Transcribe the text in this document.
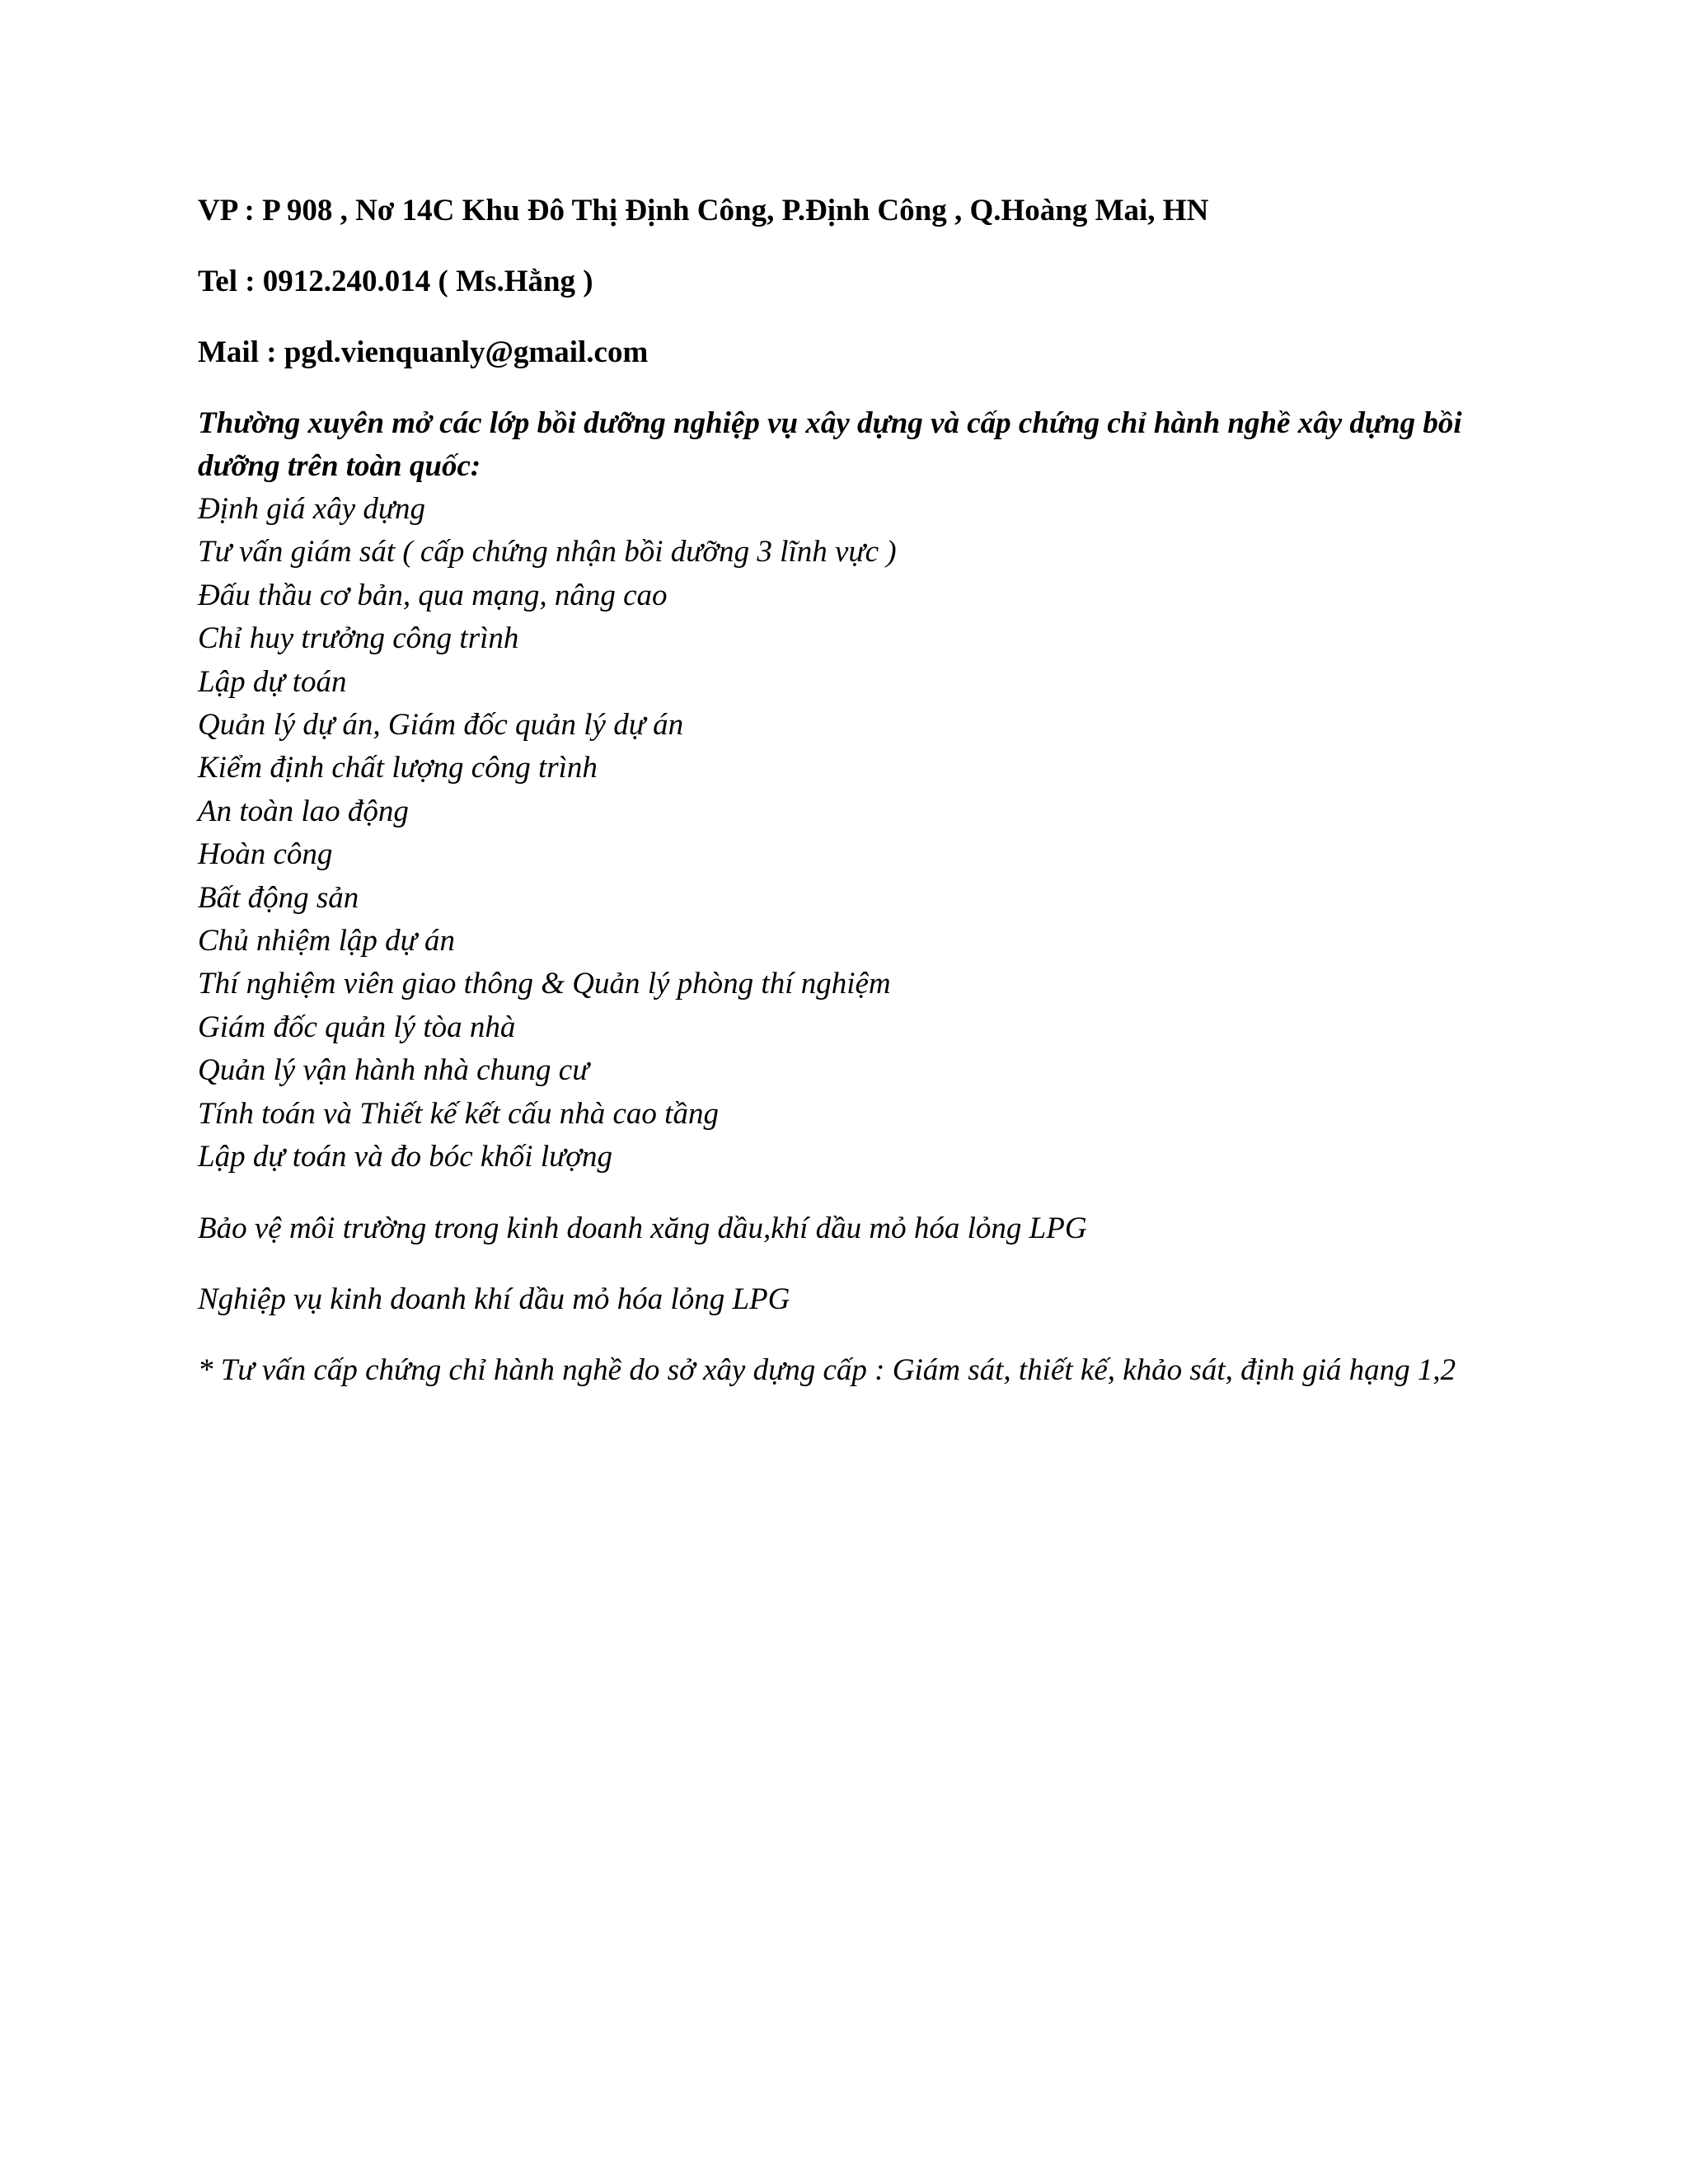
VP : P 908 , Nơ 14C Khu Đô Thị Định Công, P.Định Công , Q.Hoàng Mai, HN

Tel : 0912.240.014 ( Ms.Hằng )

Mail : pgd.vienquanly@gmail.com

Thường xuyên mở các lớp bồi dưỡng nghiệp vụ xây dựng và cấp chứng chỉ hành nghề xây dựng bồi dưỡng trên toàn quốc:

Định giá xây dựng
Tư vấn giám sát ( cấp chứng nhận bồi dưỡng 3 lĩnh vực )
Đấu thầu cơ bản, qua mạng, nâng cao
Chỉ huy trưởng công trình
Lập dự toán
Quản lý dự án, Giám đốc quản lý dự án
Kiểm định chất lượng công trình
An toàn lao động
Hoàn công
Bất động sản
Chủ nhiệm lập dự án
Thí nghiệm viên giao thông & Quản lý phòng thí nghiệm
Giám đốc quản lý tòa nhà
Quản lý vận hành nhà chung cư
Tính toán và Thiết kế kết cấu nhà cao tầng
Lập dự toán và đo bóc khối lượng

Bảo vệ môi trường trong kinh doanh xăng dầu,khí dầu mỏ hóa lỏng LPG

Nghiệp vụ kinh doanh khí dầu mỏ hóa lỏng LPG

* Tư vấn cấp chứng chỉ hành nghề do sở xây dựng cấp : Giám sát, thiết kế, khảo sát, định giá hạng 1,2
